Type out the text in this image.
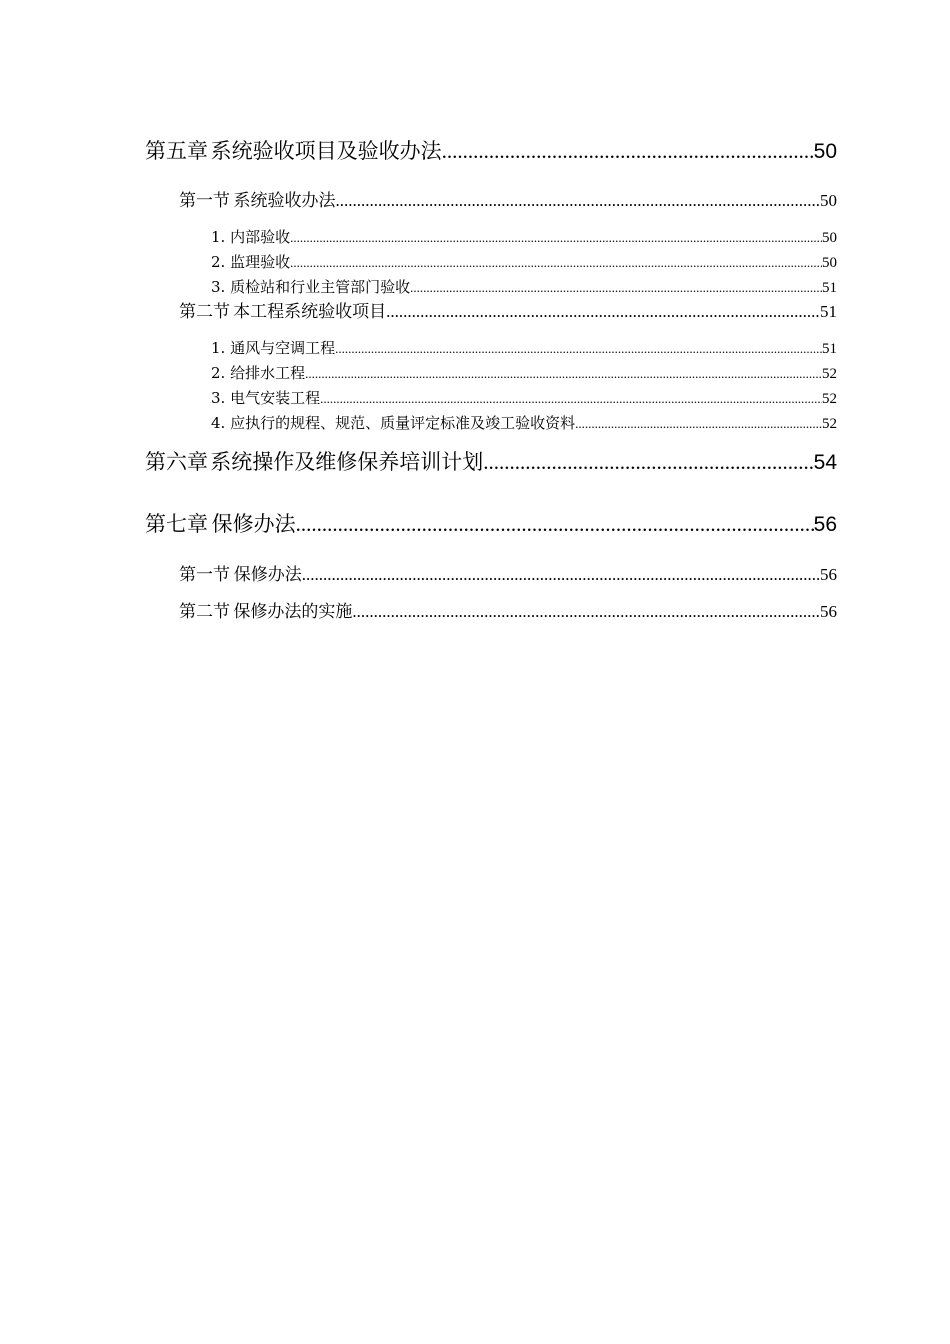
第五章 系统验收项目及验收办法 .....	50
第一节 系统验收办法 .....	50
1. 内部验收 .....	50
2. 监理验收 .....	50
3. 质检站和行业主管部门验收 .....	51
第二节 本工程系统验收项目 .....	51
1. 通风与空调工程 .....	51
2. 给排水工程 .....	52
3. 电气安装工程 .....	52
4. 应执行的规程、规范、质量评定标准及竣工验收资料 .....	52
第六章 系统操作及维修保养培训计划 .....	54
第七章 保修办法 .....	56
第一节 保修办法 .....	56
第二节 保修办法的实施 .....	56
